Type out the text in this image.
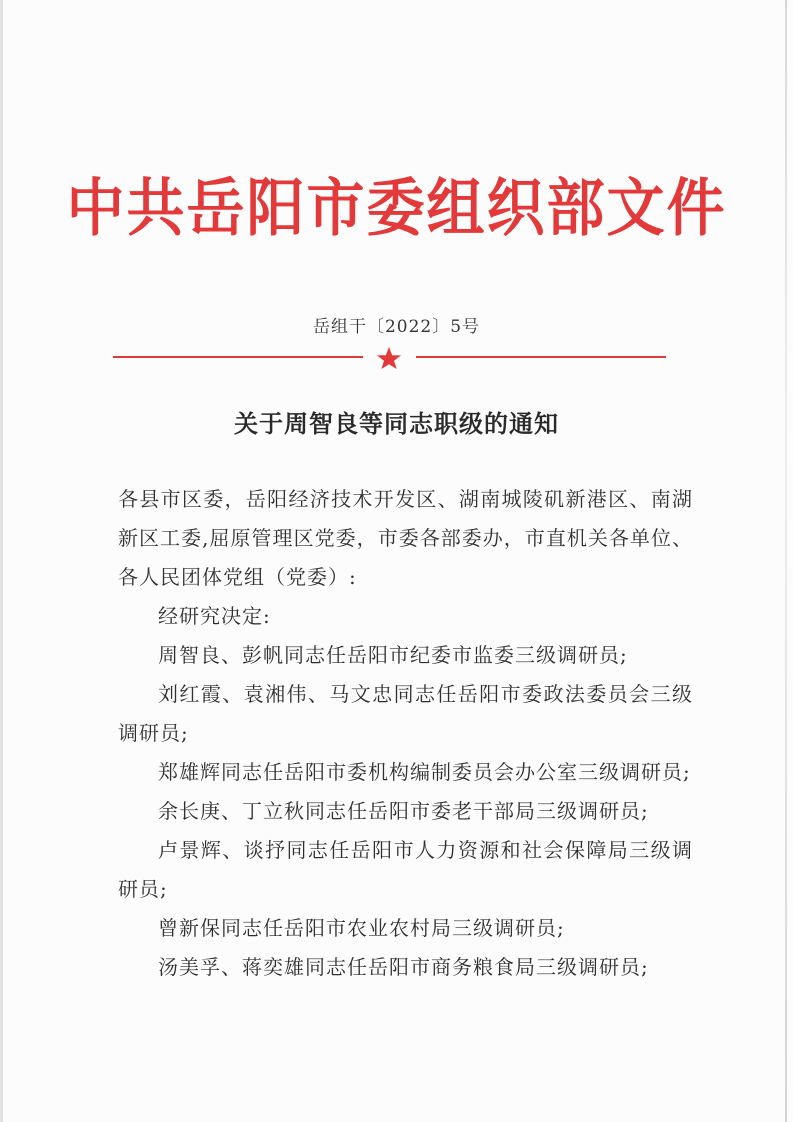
中共岳阳市委组织部文件
岳组干〔2022〕5号
关于周智良等同志职级的通知

各县市区委，岳阳经济技术开发区、湖南城陵矶新港区、南湖新区工委,屈原管理区党委，市委各部委办，市直机关各单位、各人民团体党组（党委）:

经研究决定:

周智良、彭帆同志任岳阳市纪委市监委三级调研员;

刘红霞、袁湘伟、马文忠同志任岳阳市委政法委员会三级调研员;

郑雄辉同志任岳阳市委机构编制委员会办公室三级调研员;

余长庚、丁立秋同志任岳阳市委老干部局三级调研员;

卢景辉、谈抒同志任岳阳市人力资源和社会保障局三级调研员;

曾新保同志任岳阳市农业农村局三级调研员;

汤美孚、蒋奕雄同志任岳阳市商务粮食局三级调研员;
